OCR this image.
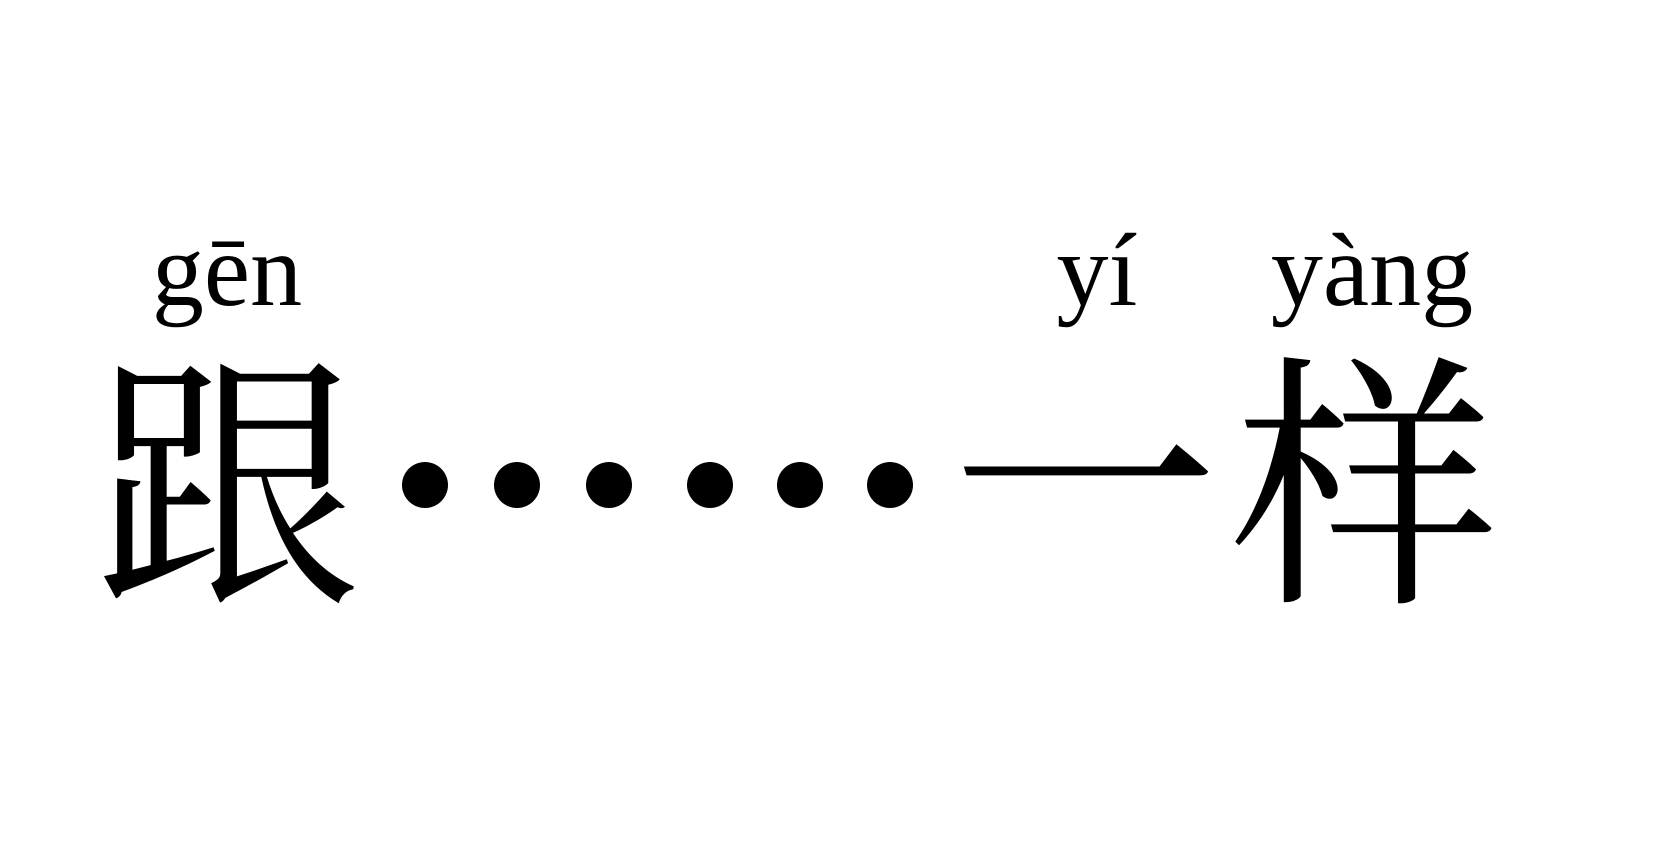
gēn	yí	yàng
跟 一 样
